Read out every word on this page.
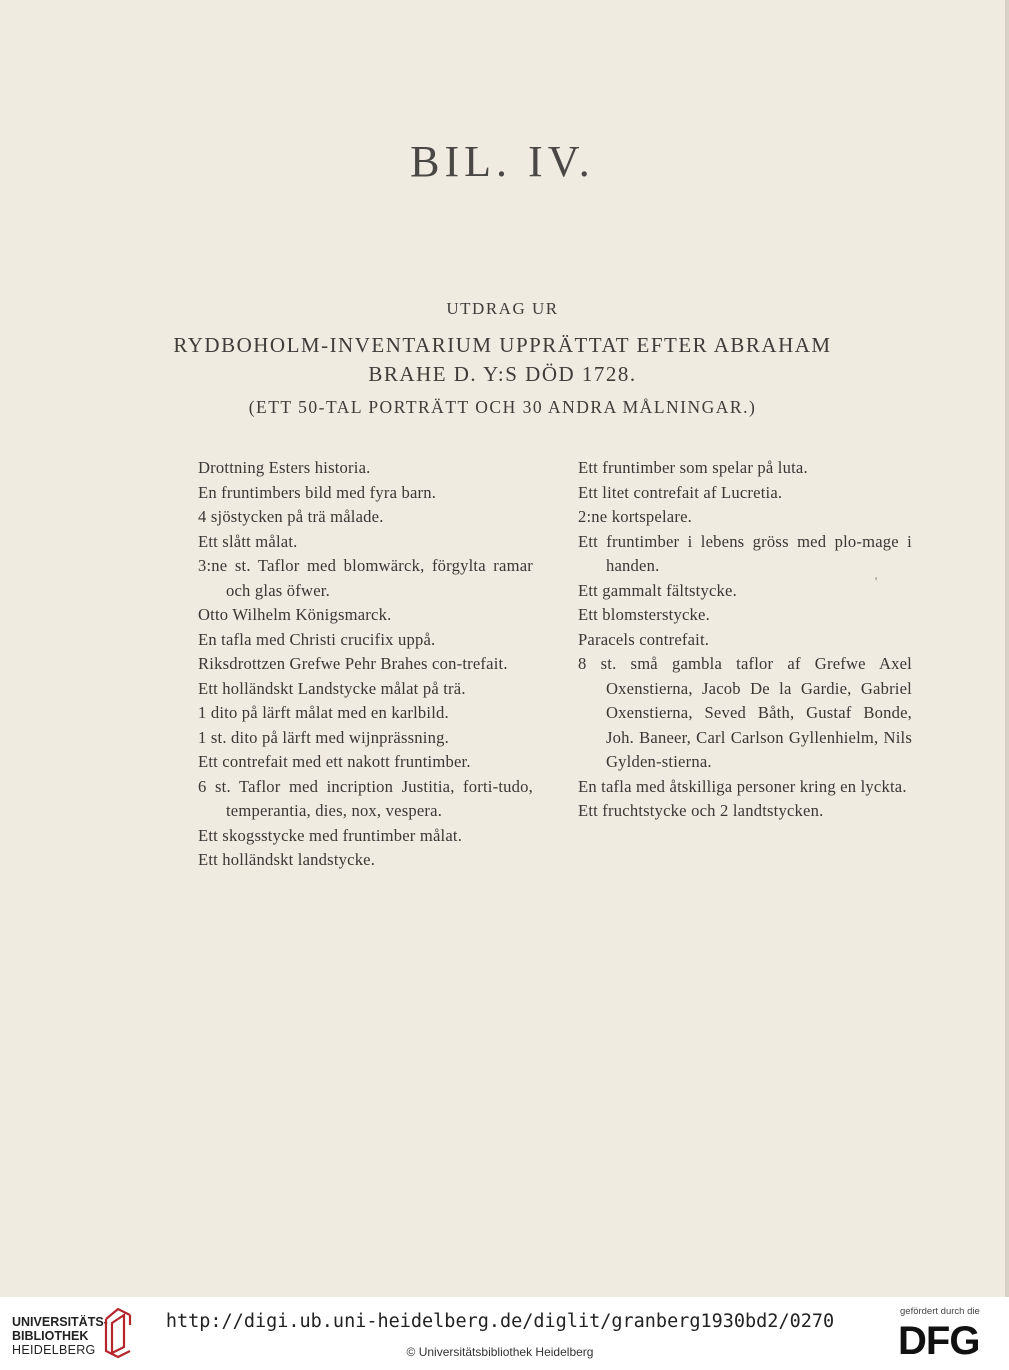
BIL. IV.
UTDRAG UR
RYDBOHOLM-INVENTARIUM UPPRÄTTAT EFTER ABRAHAM
BRAHE D. Y:S DÖD 1728.
(ETT 50-TAL PORTRÄTT OCH 30 ANDRA MÅLNINGAR.)
Drottning Esters historia.
En fruntimbers bild med fyra barn.
4 sjöstycken på trä målade.
Ett slått målat.
3:ne st. Taflor med blomwärck, förgylta ramar och glas öfwer.
Otto Wilhelm Königsmarck.
En tafla med Christi crucifix uppå.
Riksdrottzen Grefwe Pehr Brahes con-trefait.
Ett holländskt Landstycke målat på trä.
1 dito på lärft målat med en karlbild.
1 st. dito på lärft med wijnprässning.
Ett contrefait med ett nakott fruntimber.
6 st. Taflor med incription Justitia, forti-tudo, temperantia, dies, nox, vespera.
Ett skogsstycke med fruntimber målat.
Ett holländskt landstycke.
Ett fruntimber som spelar på luta.
Ett litet contrefait af Lucretia.
2:ne kortspelare.
Ett fruntimber i lebens gröss med plo-mage i handen.
Ett gammalt fältstycke.
Ett blomsterstycke.
Paracels contrefait.
8 st. små gambla taflor af Grefwe Axel Oxenstierna, Jacob De la Gardie, Gabriel Oxenstierna, Seved Båth, Gustaf Bonde, Joh. Baneer, Carl Carlson Gyllenhielm, Nils Gylden-stierna.
En tafla med åtskilliga personer kring en lyckta.
Ett fruchtstycke och 2 landtstycken.
'
UNIVERSITÄTS-
BIBLIOTHEK
HEIDELBERG
http://digi.ub.uni-heidelberg.de/diglit/granberg1930bd2/0270
© Universitätsbibliothek Heidelberg
gefördert durch die
DFG
